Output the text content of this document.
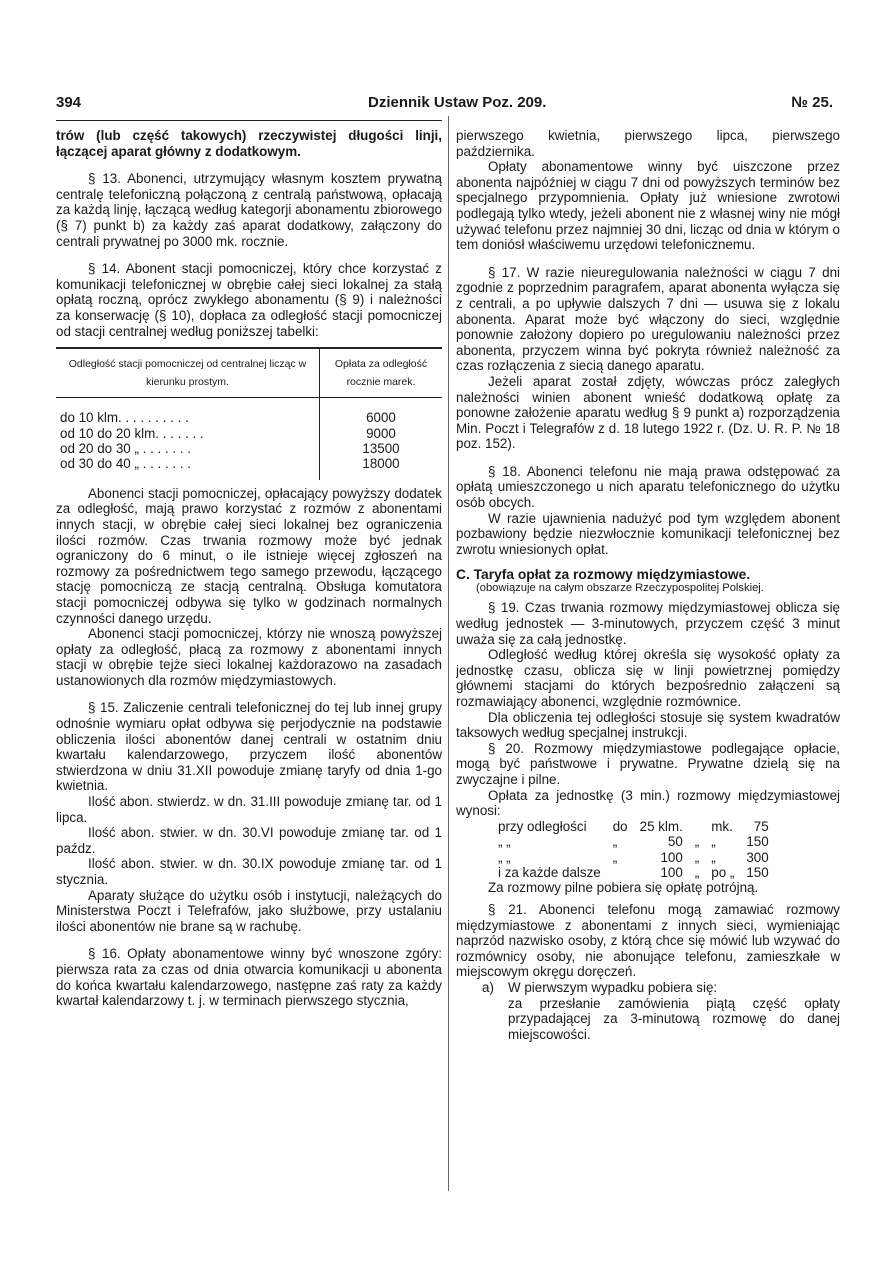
394	Dziennik Ustaw Poz. 209.	№ 25.

trów (lub część takowych) rzeczywistej długości linji, łączącej aparat główny z dodatkowym.

§ 13. Abonenci, utrzymujący własnym kosztem prywatną centralę telefoniczną połączoną z centralą państwową, opłacają za każdą linję, łączącą według kategorji abonamentu zbiorowego (§ 7) punkt b) za każdy zaś aparat dodatkowy, załączony do centrali prywatnej po 3000 mk. rocznie.

§ 14. Abonent stacji pomocniczej, który chce korzystać z komunikacji telefonicznej w obrębie całej sieci lokalnej za stałą opłatą roczną, oprócz zwykłego abonamentu (§ 9) i należności za konserwację (§ 10), dopłaca za odległość stacji pomocniczej od stacji centralnej według poniższej tabelki:

Odległość stacji pomocniczej od centralnej licząc w kierunku prostym.	Opłata za odległość rocznie marek.
do 10 klm. . . . . . . . . .	6000
od 10 do 20 klm. . . . . . .	9000
od 20 do 30 „ . . . . . . .	13500
od 30 do 40 „ . . . . . . .	18000

Abonenci stacji pomocniczej, opłacający powyższy dodatek za odległość, mają prawo korzystać z rozmów z abonentami innych stacji, w obrębie całej sieci lokalnej bez ograniczenia ilości rozmów. Czas trwania rozmowy może być jednak ograniczony do 6 minut, o ile istnieje więcej zgłoszeń na rozmowy za pośrednictwem tego samego przewodu, łączącego stację pomocniczą ze stacją centralną. Obsługa komutatora stacji pomocniczej odbywa się tylko w godzinach normalnych czynności danego urzędu.

Abonenci stacji pomocniczej, którzy nie wnoszą powyższej opłaty za odległość, płacą za rozmowy z abonentami innych stacji w obrębie tejże sieci lokalnej każdorazowo na zasadach ustanowionych dla rozmów międzymiastowych.

§ 15. Zaliczenie centrali telefonicznej do tej lub innej grupy odnośnie wymiaru opłat odbywa się perjodycznie na podstawie obliczenia ilości abonentów danej centrali w ostatnim dniu kwartału kalendarzowego, przyczem ilość abonentów stwierdzona w dniu 31.XII powoduje zmianę taryfy od dnia 1-go kwietnia.

Ilość abon. stwierdz. w dn. 31.III powoduje zmianę tar. od 1 lipca.

Ilość abon. stwier. w dn. 30.VI powoduje zmianę tar. od 1 paźdz.

Ilość abon. stwier. w dn. 30.IX powoduje zmianę tar. od 1 stycznia.

Aparaty służące do użytku osób i instytucji, należących do Ministerstwa Poczt i Telefrafów, jako służbowe, przy ustalaniu ilości abonentów nie brane są w rachubę.

§ 16. Opłaty abonamentowe winny być wnoszone zgóry: pierwsza rata za czas od dnia otwarcia komunikacji u abonenta do końca kwartału kalendarzowego, następne zaś raty za każdy kwartał kalendarzowy t. j. w terminach pierwszego stycznia,

pierwszego kwietnia, pierwszego lipca, pierwszego października.

Opłaty abonamentowe winny być uiszczone przez abonenta najpóźniej w ciągu 7 dni od powyższych terminów bez specjalnego przypomnienia. Opłaty już wniesione zwrotowi podlegają tylko wtedy, jeżeli abonent nie z własnej winy nie mógł używać telefonu przez najmniej 30 dni, licząc od dnia w którym o tem doniósł właściwemu urzędowi telefonicznemu.

§ 17. W razie nieuregulowania należności w ciągu 7 dni zgodnie z poprzednim paragrafem, aparat abonenta wyłącza się z centrali, a po upływie dalszych 7 dni — usuwa się z lokalu abonenta. Aparat może być włączony do sieci, względnie ponownie założony dopiero po uregulowaniu należności przez abonenta, przyczem winna być pokryta również należność za czas rozłączenia z siecią danego aparatu.

Jeżeli aparat został zdjęty, wówczas prócz zaległych należności winien abonent wnieść dodatkową opłatę za ponowne założenie aparatu według § 9 punkt a) rozporządzenia Min. Poczt i Telegrafów z d. 18 lutego 1922 r. (Dz. U. R. P. № 18 poz. 152).

§ 18. Abonenci telefonu nie mają prawa odstępować za opłatą umieszczonego u nich aparatu telefonicznego do użytku osób obcych.

W razie ujawnienia nadużyć pod tym względem abonent pozbawiony będzie niezwłocznie komunikacji telefonicznej bez zwrotu wniesionych opłat.

C. Taryfa opłat za rozmowy międzymiastowe.

(obowiązuje na całym obszarze Rzeczypospolitej Polskiej.

§ 19. Czas trwania rozmowy międzymiastowej oblicza się według jednostek — 3-minutowych, przyczem część 3 minut uważa się za całą jednostkę.

Odległość według której określa się wysokość opłaty za jednostkę czasu, oblicza się w linji powietrznej pomiędzy głównemi stacjami do których bezpośrednio załączeni są rozmawiający abonenci, względnie rozmównice.

Dla obliczenia tej odległości stosuje się system kwadratów taksowych według specjalnej instrukcji.

§ 20. Rozmowy międzymiastowe podlegające opłacie, mogą być państwowe i prywatne. Prywatne dzielą się na zwyczajne i pilne.

Opłata za jednostkę (3 min.) rozmowy międzymiastowej wynosi:

przy odległości	do	25 klm.		mk.	75
„ „	„	50	„	„	150
„ „	„	100	„	„	300
i za każde dalsze		100	„	po „	150

Za rozmowy pilne pobiera się opłatę potrójną.

§ 21. Abonenci telefonu mogą zamawiać rozmowy międzymiastowe z abonentami z innych sieci, wymieniając naprzód nazwisko osoby, z którą chce się mówić lub wzywać do rozmównicy osoby, nie abonujące telefonu, zamieszkałe w miejscowym okręgu doręczeń.

a) W pierwszym wypadku pobiera się:

za przesłanie zamówienia piątą część opłaty przypadającej za 3-minutową rozmowę do danej miejscowości.
